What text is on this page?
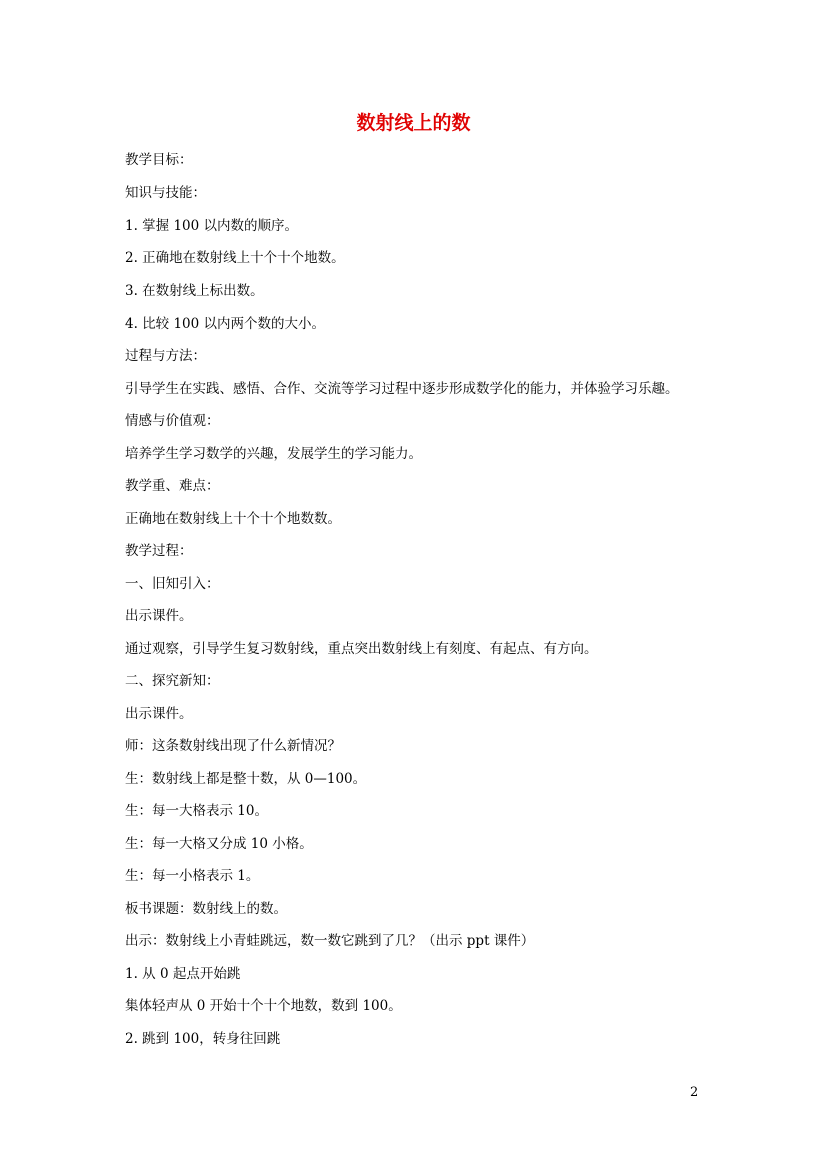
数射线上的数
教学目标：
知识与技能：
1. 掌握 100 以内数的顺序。
2. 正确地在数射线上十个十个地数。
3. 在数射线上标出数。
4. 比较 100 以内两个数的大小。
过程与方法：
引导学生在实践、感悟、合作、交流等学习过程中逐步形成数学化的能力，并体验学习乐趣。
情感与价值观：
培养学生学习数学的兴趣，发展学生的学习能力。
教学重、难点：
正确地在数射线上十个十个地数数。
教学过程：
一、旧知引入：
出示课件。
通过观察，引导学生复习数射线，重点突出数射线上有刻度、有起点、有方向。
二、探究新知：
出示课件。
师：这条数射线出现了什么新情况？
生：数射线上都是整十数，从 0—100。
生：每一大格表示 10。
生：每一大格又分成 10 小格。
生：每一小格表示 1。
板书课题：数射线上的数。
出示：数射线上小青蛙跳远，数一数它跳到了几？（出示 ppt 课件）
1. 从 0 起点开始跳
集体轻声从 0 开始十个十个地数，数到 100。
2. 跳到 100，转身往回跳
2
